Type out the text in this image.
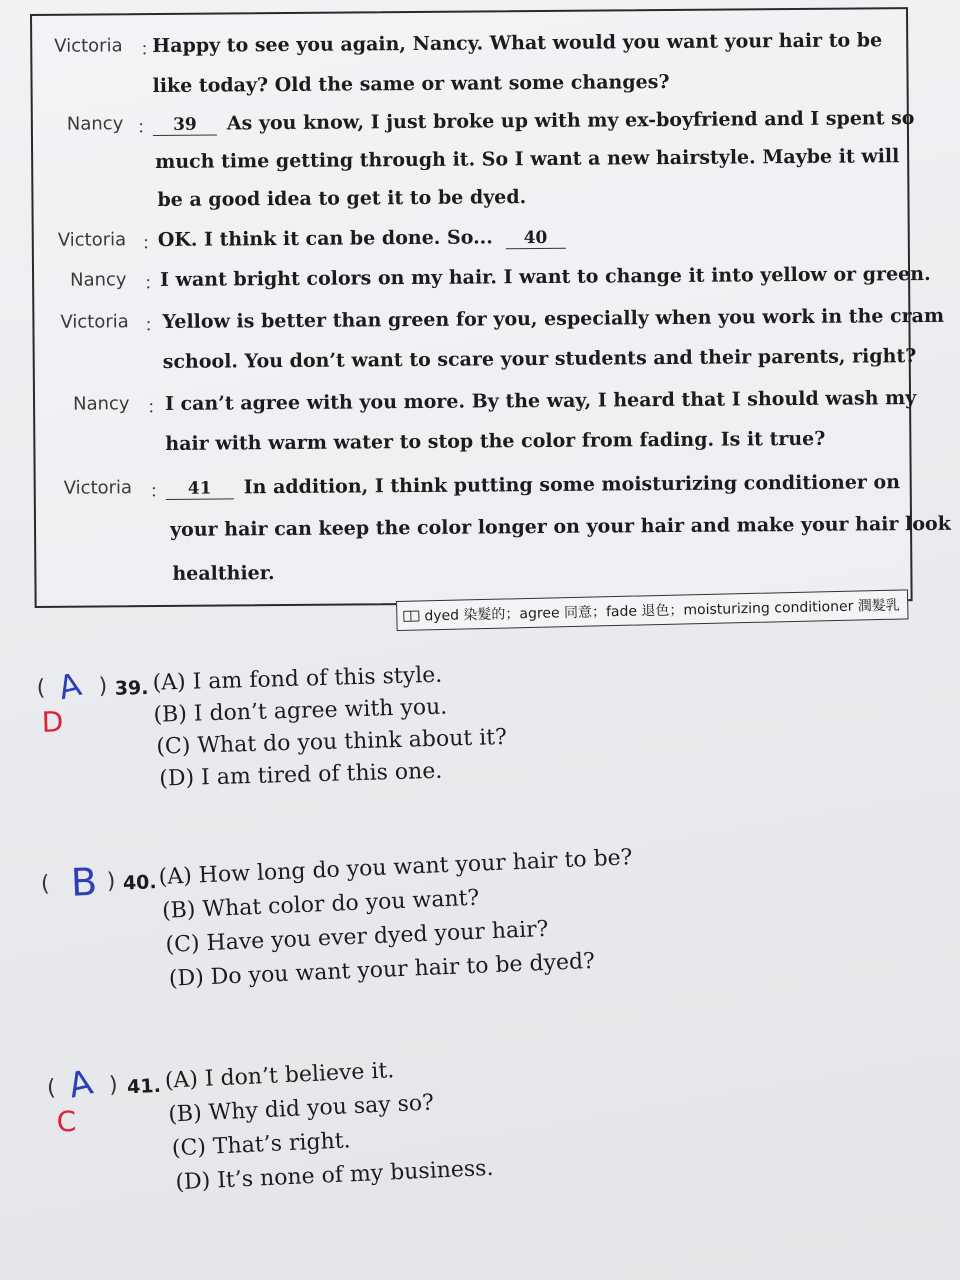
Victoria ：
Happy to see you again, Nancy. What would you want your hair to be
like today? Old the same or want some changes?
Nancy ：	39 As you know, I just broke up with my ex-boyfriend and I spent so
much time getting through it. So I want a new hairstyle. Maybe it will
be a good idea to get it to be dyed.
Victoria ：
OK. I think it can be done. So... 40
Nancy ：
I want bright colors on my hair. I want to change it into yellow or green.
Victoria ： Yellow is better than green for you, especially when you work in the cram
school. You don’t want to scare your students and their parents, right?
Nancy ： I can’t agree with you more. By the way, I heard that I should wash my
hair with warm water to stop the color from fading. Is it true?
Victoria ：	41 In addition, I think putting some moisturizing conditioner on
your hair can keep the color longer on your hair and make your hair look
healthier.
dyed 染髮的；agree 同意；fade 退色；moisturizing conditioner 潤髮乳
( A
D
) 39. (A) I am fond of this style.
(B) I don’t agree with you.
(C) What do you think about it?
(D) I am tired of this one.
( B ) 40. (A) How long do you want your hair to be?
(B) What color do you want?
(C) Have you ever dyed your hair?
(D) Do you want your hair to be dyed?
( A
C
) 41. (A) I don’t believe it.
(B) Why did you say so?
(C) That’s right.
(D) It’s none of my business.
